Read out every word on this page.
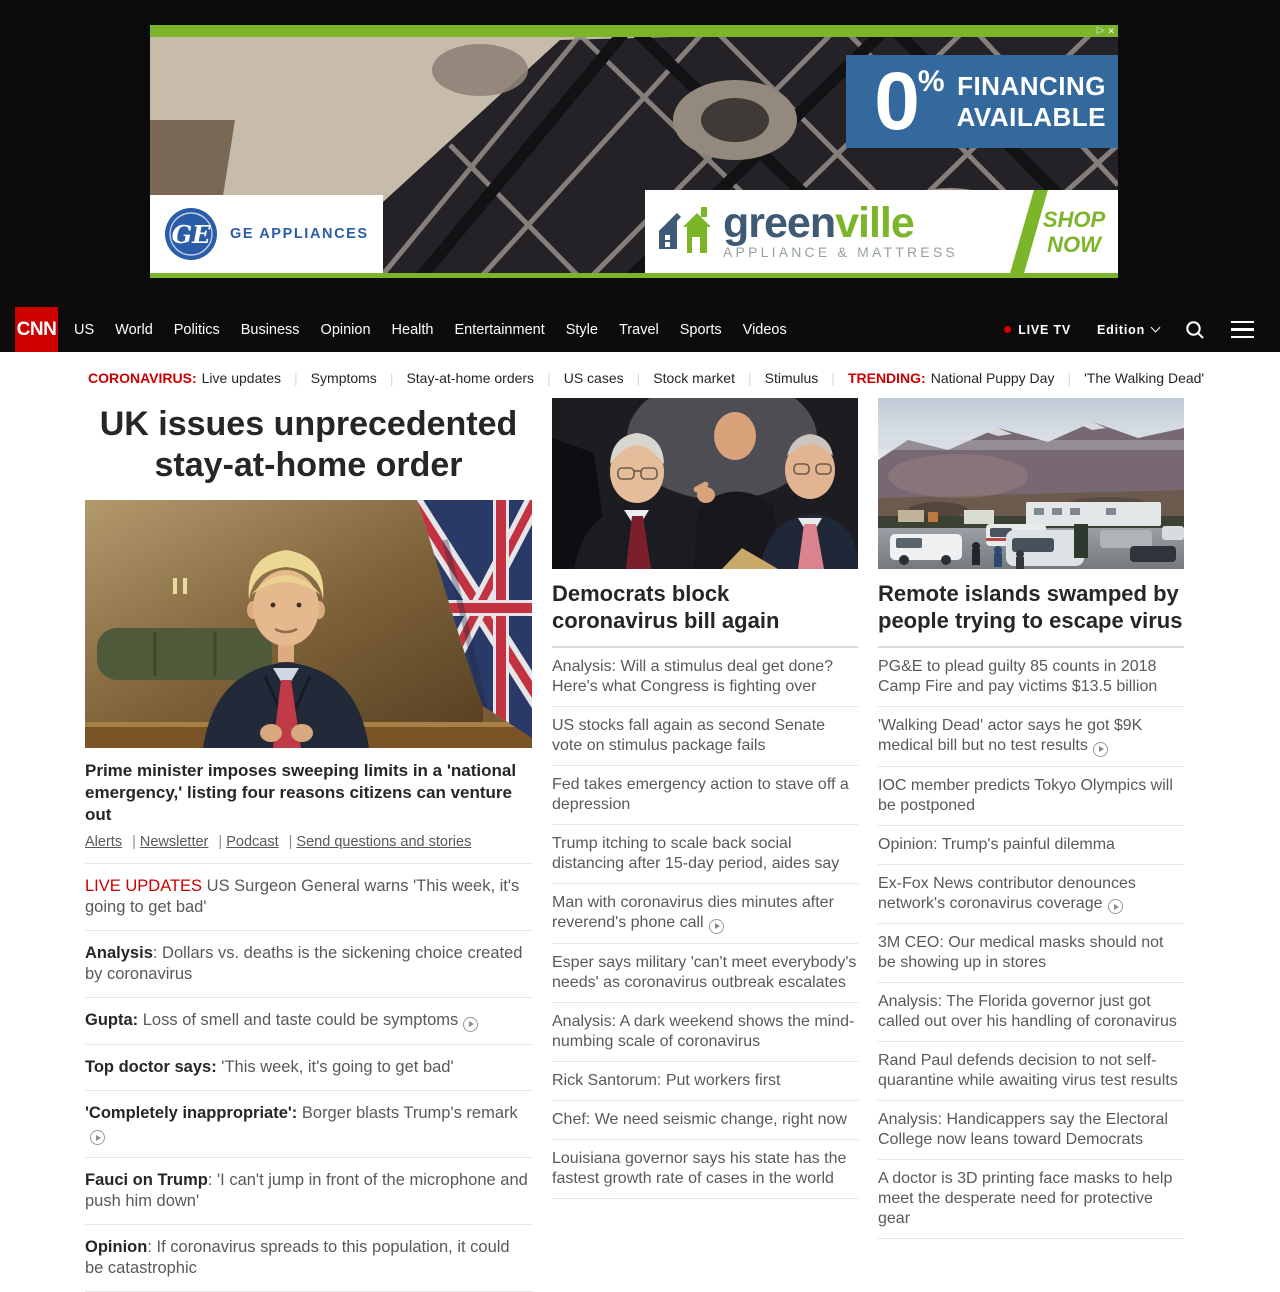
▷ ✕
0 % FINANCING
AVAILABLE
GE GE APPLIANCES	greenville
APPLIANCE & MATTRESS
SHOP
NOW
CNN US World Politics Business Opinion Health Entertainment Style Travel Sports Videos	LIVE TV Edition
CORONAVIRUS: Live updates	| Symptoms	| Stay-at-home orders	| US cases	| Stock market	| Stimulus | TRENDING: National Puppy Day	| 'The Walking Dead'
UK issues unprecedented stay-at-home order
Prime minister imposes sweeping limits in a 'national emergency,' listing four reasons citizens can venture out
Alerts | Newsletter | Podcast | Send questions and stories
LIVE UPDATES US Surgeon General warns 'This week, it's going to get bad'
Analysis: Dollars vs. deaths is the sickening choice created by coronavirus
Gupta: Loss of smell and taste could be symptoms
Top doctor says: 'This week, it's going to get bad'
'Completely inappropriate': Borger blasts Trump's remark
Fauci on Trump: 'I can't jump in front of the microphone and push him down'
Opinion: If coronavirus spreads to this population, it could be catastrophic
Democrats block coronavirus bill again
Analysis: Will a stimulus deal get done? Here's what Congress is fighting over
US stocks fall again as second Senate vote on stimulus package fails
Fed takes emergency action to stave off a depression
Trump itching to scale back social distancing after 15-day period, aides say
Man with coronavirus dies minutes after reverend's phone call
Esper says military 'can't meet everybody's needs' as coronavirus outbreak escalates
Analysis: A dark weekend shows the mind-numbing scale of coronavirus
Rick Santorum: Put workers first
Chef: We need seismic change, right now
Louisiana governor says his state has the fastest growth rate of cases in the world
Remote islands swamped by people trying to escape virus
PG&E to plead guilty 85 counts in 2018 Camp Fire and pay victims $13.5 billion
'Walking Dead' actor says he got $9K medical bill but no test results
IOC member predicts Tokyo Olympics will be postponed
Opinion: Trump's painful dilemma
Ex-Fox News contributor denounces network's coronavirus coverage
3M CEO: Our medical masks should not be showing up in stores
Analysis: The Florida governor just got called out over his handling of coronavirus
Rand Paul defends decision to not self-quarantine while awaiting virus test results
Analysis: Handicappers say the Electoral College now leans toward Democrats
A doctor is 3D printing face masks to help meet the desperate need for protective gear
